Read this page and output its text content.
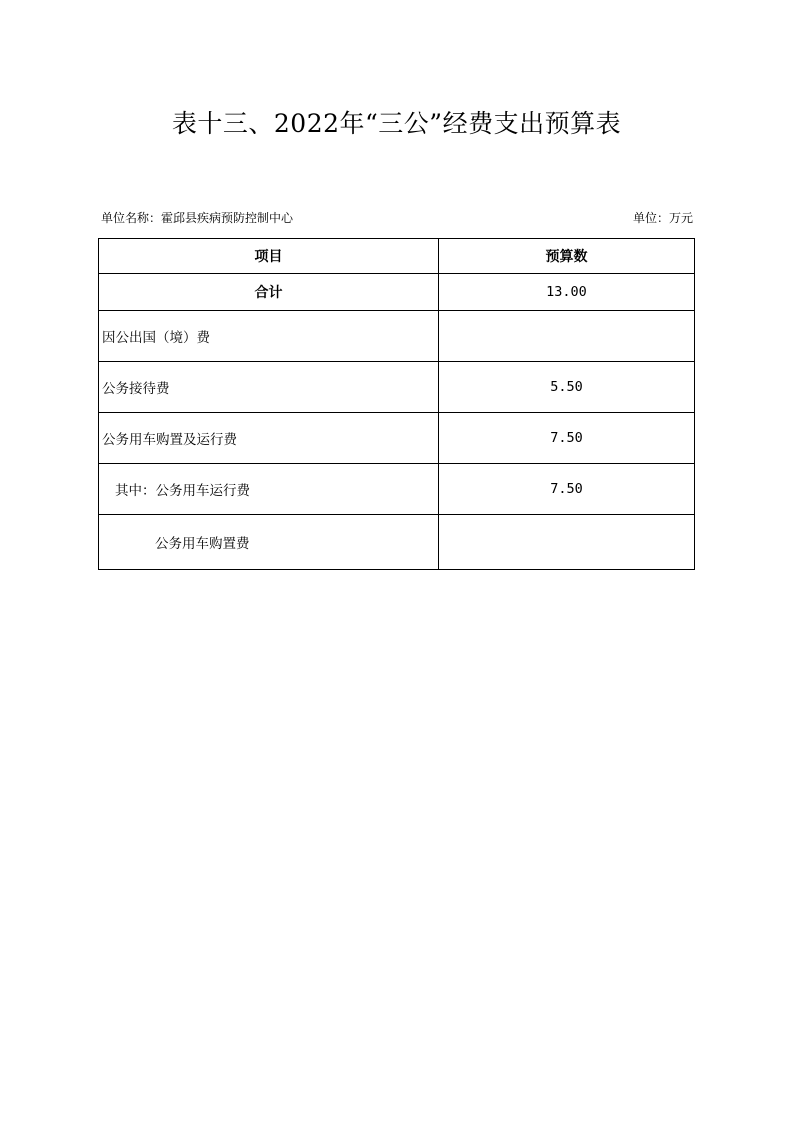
表十三、2022年“三公”经费支出预算表
单位名称：霍邱县疾病预防控制中心	单位：万元
项目	预算数
合计	13.00
因公出国（境）费	
公务接待费	5.50
公务用车购置及运行费	7.50
其中：公务用车运行费	7.50
公务用车购置费	
